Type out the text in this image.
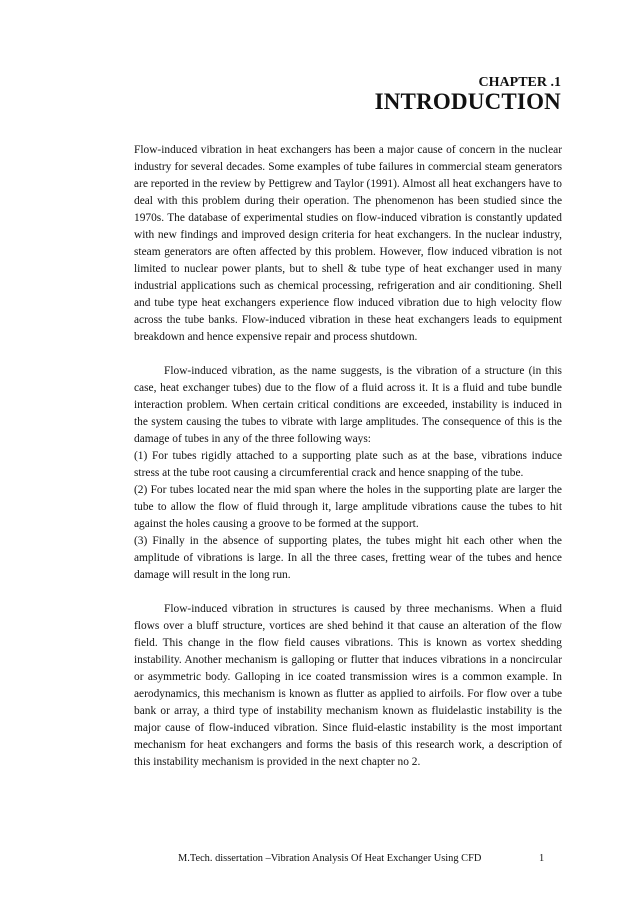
CHAPTER .1
INTRODUCTION

Flow-induced vibration in heat exchangers has been a major cause of concern in the nuclear industry for several decades. Some examples of tube failures in commercial steam generators are reported in the review by Pettigrew and Taylor (1991). Almost all heat exchangers have to deal with this problem during their operation. The phenomenon has been studied since the 1970s. The database of experimental studies on flow-induced vibration is constantly updated with new findings and improved design criteria for heat exchangers. In the nuclear industry, steam generators are often affected by this problem. However, flow induced vibration is not limited to nuclear power plants, but to shell & tube type of heat exchanger used in many industrial applications such as chemical processing, refrigeration and air conditioning. Shell and tube type heat exchangers experience flow induced vibration due to high velocity flow across the tube banks. Flow-induced vibration in these heat exchangers leads to equipment breakdown and hence expensive repair and process shutdown.

Flow-induced vibration, as the name suggests, is the vibration of a structure (in this case, heat exchanger tubes) due to the flow of a fluid across it. It is a fluid and tube bundle interaction problem. When certain critical conditions are exceeded, instability is induced in the system causing the tubes to vibrate with large amplitudes. The consequence of this is the damage of tubes in any of the three following ways:

(1) For tubes rigidly attached to a supporting plate such as at the base, vibrations induce stress at the tube root causing a circumferential crack and hence snapping of the tube.

(2) For tubes located near the mid span where the holes in the supporting plate are larger the tube to allow the flow of fluid through it, large amplitude vibrations cause the tubes to hit against the holes causing a groove to be formed at the support.

(3) Finally in the absence of supporting plates, the tubes might hit each other when the amplitude of vibrations is large. In all the three cases, fretting wear of the tubes and hence damage will result in the long run.

Flow-induced vibration in structures is caused by three mechanisms. When a fluid flows over a bluff structure, vortices are shed behind it that cause an alteration of the flow field. This change in the flow field causes vibrations. This is known as vortex shedding instability. Another mechanism is galloping or flutter that induces vibrations in a noncircular or asymmetric body. Galloping in ice coated transmission wires is a common example. In aerodynamics, this mechanism is known as flutter as applied to airfoils. For flow over a tube bank or array, a third type of instability mechanism known as fluidelastic instability is the major cause of flow-induced vibration. Since fluid-elastic instability is the most important mechanism for heat exchangers and forms the basis of this research work, a description of this instability mechanism is provided in the next chapter no 2.

M.Tech. dissertation –Vibration Analysis Of Heat Exchanger Using CFD	1
